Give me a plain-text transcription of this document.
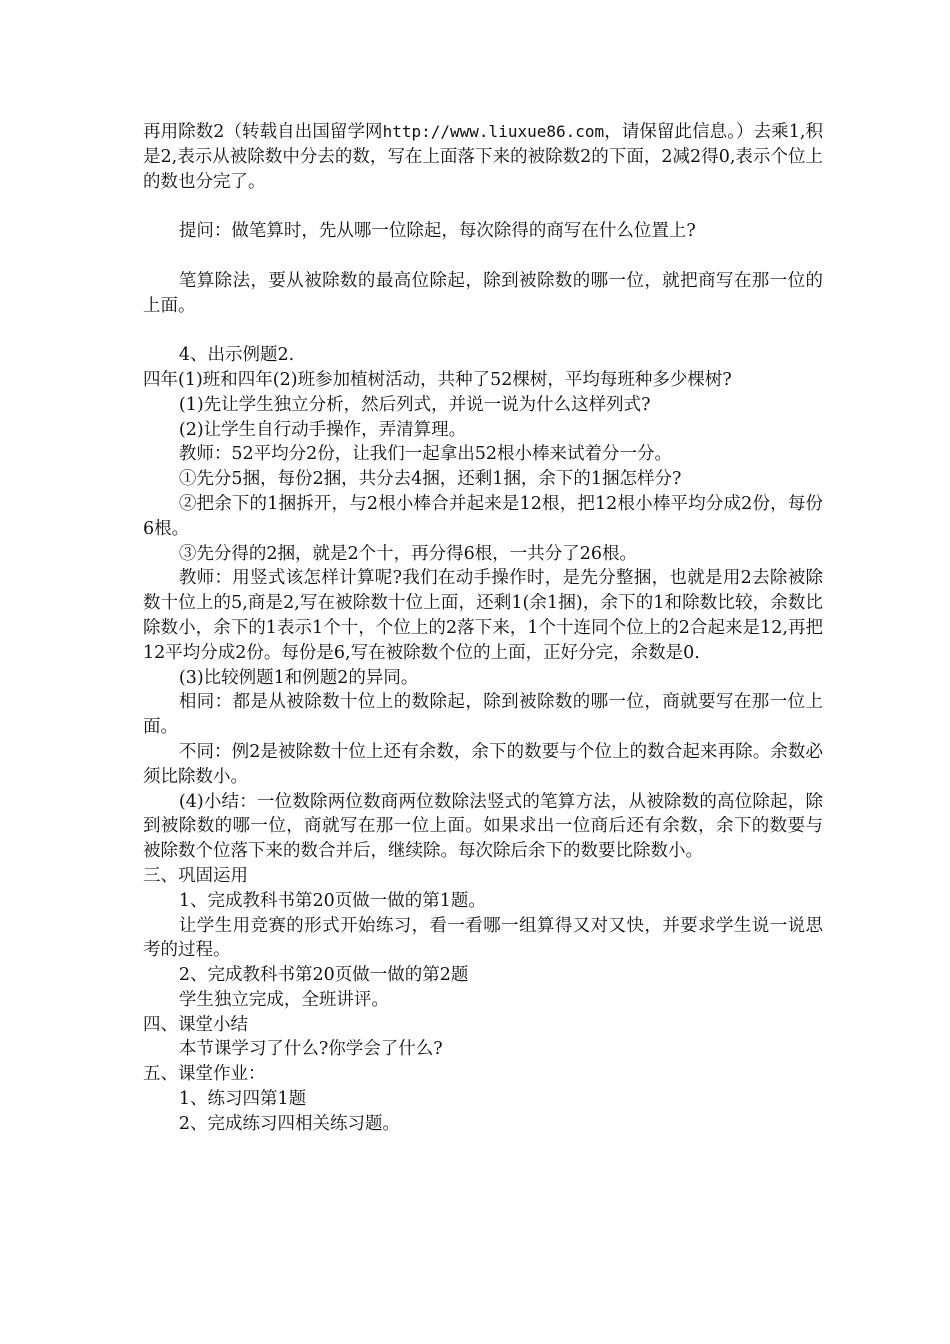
再用除数2（转载自出国留学网http://www.liuxue86.com，请保留此信息。）去乘1,积是2,表示从被除数中分去的数，写在上面落下来的被除数2的下面，2减2得0,表示个位上的数也分完了。

提问：做笔算时，先从哪一位除起，每次除得的商写在什么位置上?

笔算除法，要从被除数的最高位除起，除到被除数的哪一位，就把商写在那一位的上面。

4、出示例题2.

四年(1)班和四年(2)班参加植树活动，共种了52棵树，平均每班种多少棵树?

(1)先让学生独立分析，然后列式，并说一说为什么这样列式?

(2)让学生自行动手操作，弄清算理。

教师：52平均分2份，让我们一起拿出52根小棒来试着分一分。

①先分5捆，每份2捆，共分去4捆，还剩1捆，余下的1捆怎样分?

②把余下的1捆拆开，与2根小棒合并起来是12根，把12根小棒平均分成2份，每份6根。

③先分得的2捆，就是2个十，再分得6根，一共分了26根。

教师：用竖式该怎样计算呢?我们在动手操作时，是先分整捆，也就是用2去除被除数十位上的5,商是2,写在被除数十位上面，还剩1(余1捆)，余下的1和除数比较，余数比除数小，余下的1表示1个十，个位上的2落下来，1个十连同个位上的2合起来是12,再把12平均分成2份。每份是6,写在被除数个位的上面，正好分完，余数是0.

(3)比较例题1和例题2的异同。

相同：都是从被除数十位上的数除起，除到被除数的哪一位，商就要写在那一位上面。

不同：例2是被除数十位上还有余数，余下的数要与个位上的数合起来再除。余数必须比除数小。

(4)小结：一位数除两位数商两位数除法竖式的笔算方法，从被除数的高位除起，除到被除数的哪一位，商就写在那一位上面。如果求出一位商后还有余数，余下的数要与被除数个位落下来的数合并后，继续除。每次除后余下的数要比除数小。

三、巩固运用

1、完成教科书第20页做一做的第1题。

让学生用竞赛的形式开始练习，看一看哪一组算得又对又快，并要求学生说一说思考的过程。

2、完成教科书第20页做一做的第2题

学生独立完成，全班讲评。

四、课堂小结

本节课学习了什么?你学会了什么?

五、课堂作业：

1、练习四第1题

2、完成练习四相关练习题。
